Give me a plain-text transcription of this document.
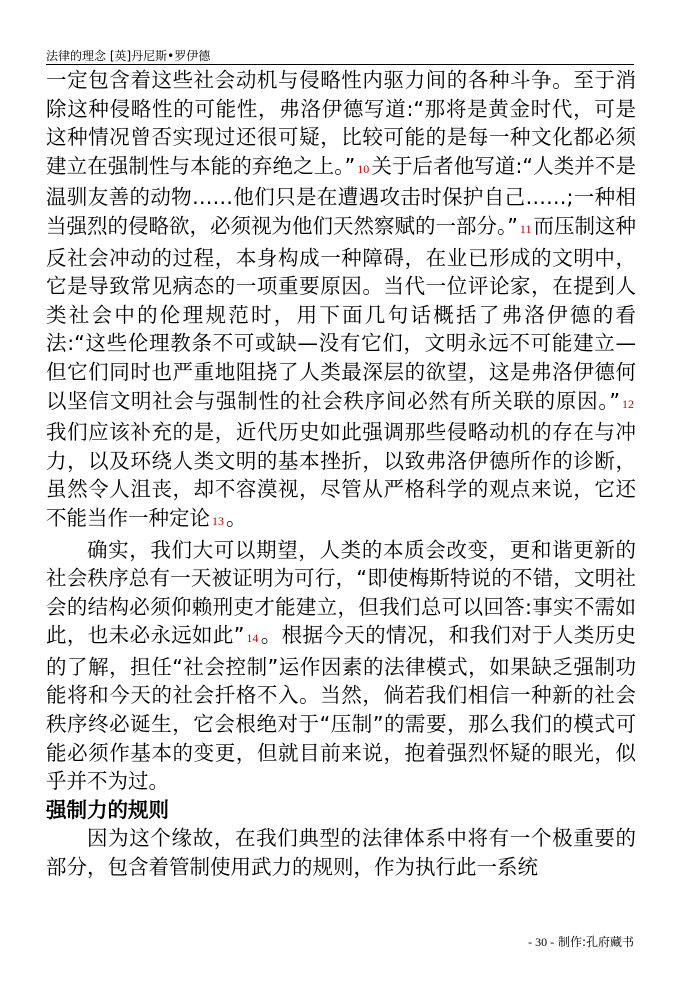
法律的理念 [英]丹尼斯•罗伊德

一定包含着这些社会动机与侵略性内驱力间的各种斗争。至于消除这种侵略性的可能性，弗洛伊德写道:“那将是黄金时代，可是这种情况曾否实现过还很可疑，比较可能的是每一种文化都必须建立在强制性与本能的弃绝之上。” 10关于后者他写道:“人类并不是温驯友善的动物……他们只是在遭遇攻击时保护自己……;一种相当强烈的侵略欲，必须视为他们天然察赋的一部分。” 11而压制这种反社会冲动的过程，本身构成一种障碍，在业已形成的文明中，它是导致常见病态的一项重要原因。当代一位评论家，在提到人类社会中的伦理规范时，用下面几句话概括了弗洛伊德的看法:“这些伦理教条不可或缺—没有它们，文明永远不可能建立—但它们同时也严重地阻挠了人类最深层的欲望，这是弗洛伊德何以坚信文明社会与强制性的社会秩序间必然有所关联的原因。” 12我们应该补充的是，近代历史如此强调那些侵略动机的存在与冲力，以及环绕人类文明的基本挫折，以致弗洛伊德所作的诊断，虽然令人沮丧，却不容漠视，尽管从严格科学的观点来说，它还不能当作一种定论 13。

确实，我们大可以期望，人类的本质会改变，更和谐更新的社会秩序总有一天被证明为可行，“即使梅斯特说的不错，文明社会的结构必须仰赖刑吏才能建立，但我们总可以回答:事实不需如此，也未必永远如此” 14。根据今天的情况，和我们对于人类历史的了解，担任“社会控制”运作因素的法律模式，如果缺乏强制功能将和今天的社会扦格不入。当然，倘若我们相信一种新的社会秩序终必诞生，它会根绝对于“压制”的需要，那么我们的模式可能必须作基本的变更，但就目前来说，抱着强烈怀疑的眼光，似乎并不为过。

强制力的规则

因为这个缘故，在我们典型的法律体系中将有一个极重要的部分，包含着管制使用武力的规则，作为执行此一系统

- 30 - 制作:孔府藏书
